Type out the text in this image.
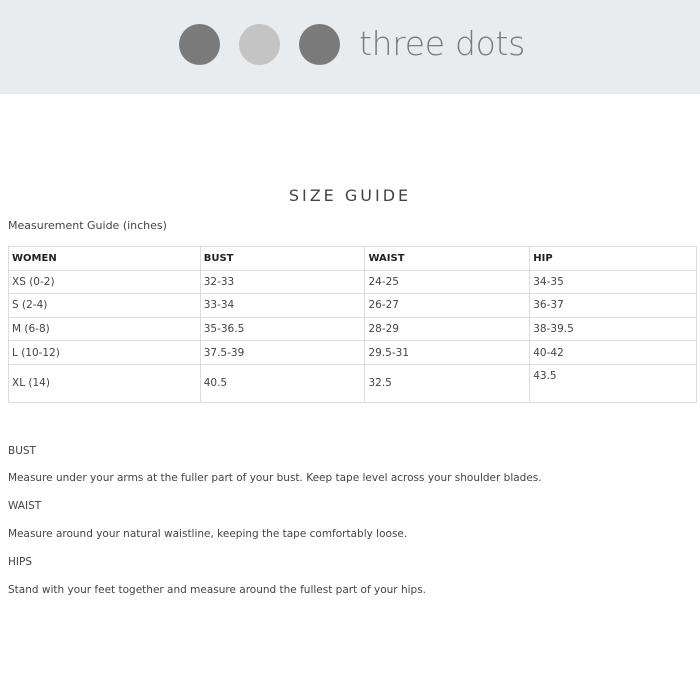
three dots
SIZE GUIDE
Measurement Guide (inches)
WOMEN	BUST	WAIST	HIP
XS (0-2)	32-33	24-25	34-35
S (2-4)	33-34	26-27	36-37
M (6-8)	35-36.5	28-29	38-39.5
L (10-12)	37.5-39	29.5-31	40-42
XL (14)	40.5	32.5	43.5
BUST
Measure under your arms at the fuller part of your bust. Keep tape level across your shoulder blades.
WAIST
Measure around your natural waistline, keeping the tape comfortably loose.
HIPS
Stand with your feet together and measure around the fullest part of your hips.
